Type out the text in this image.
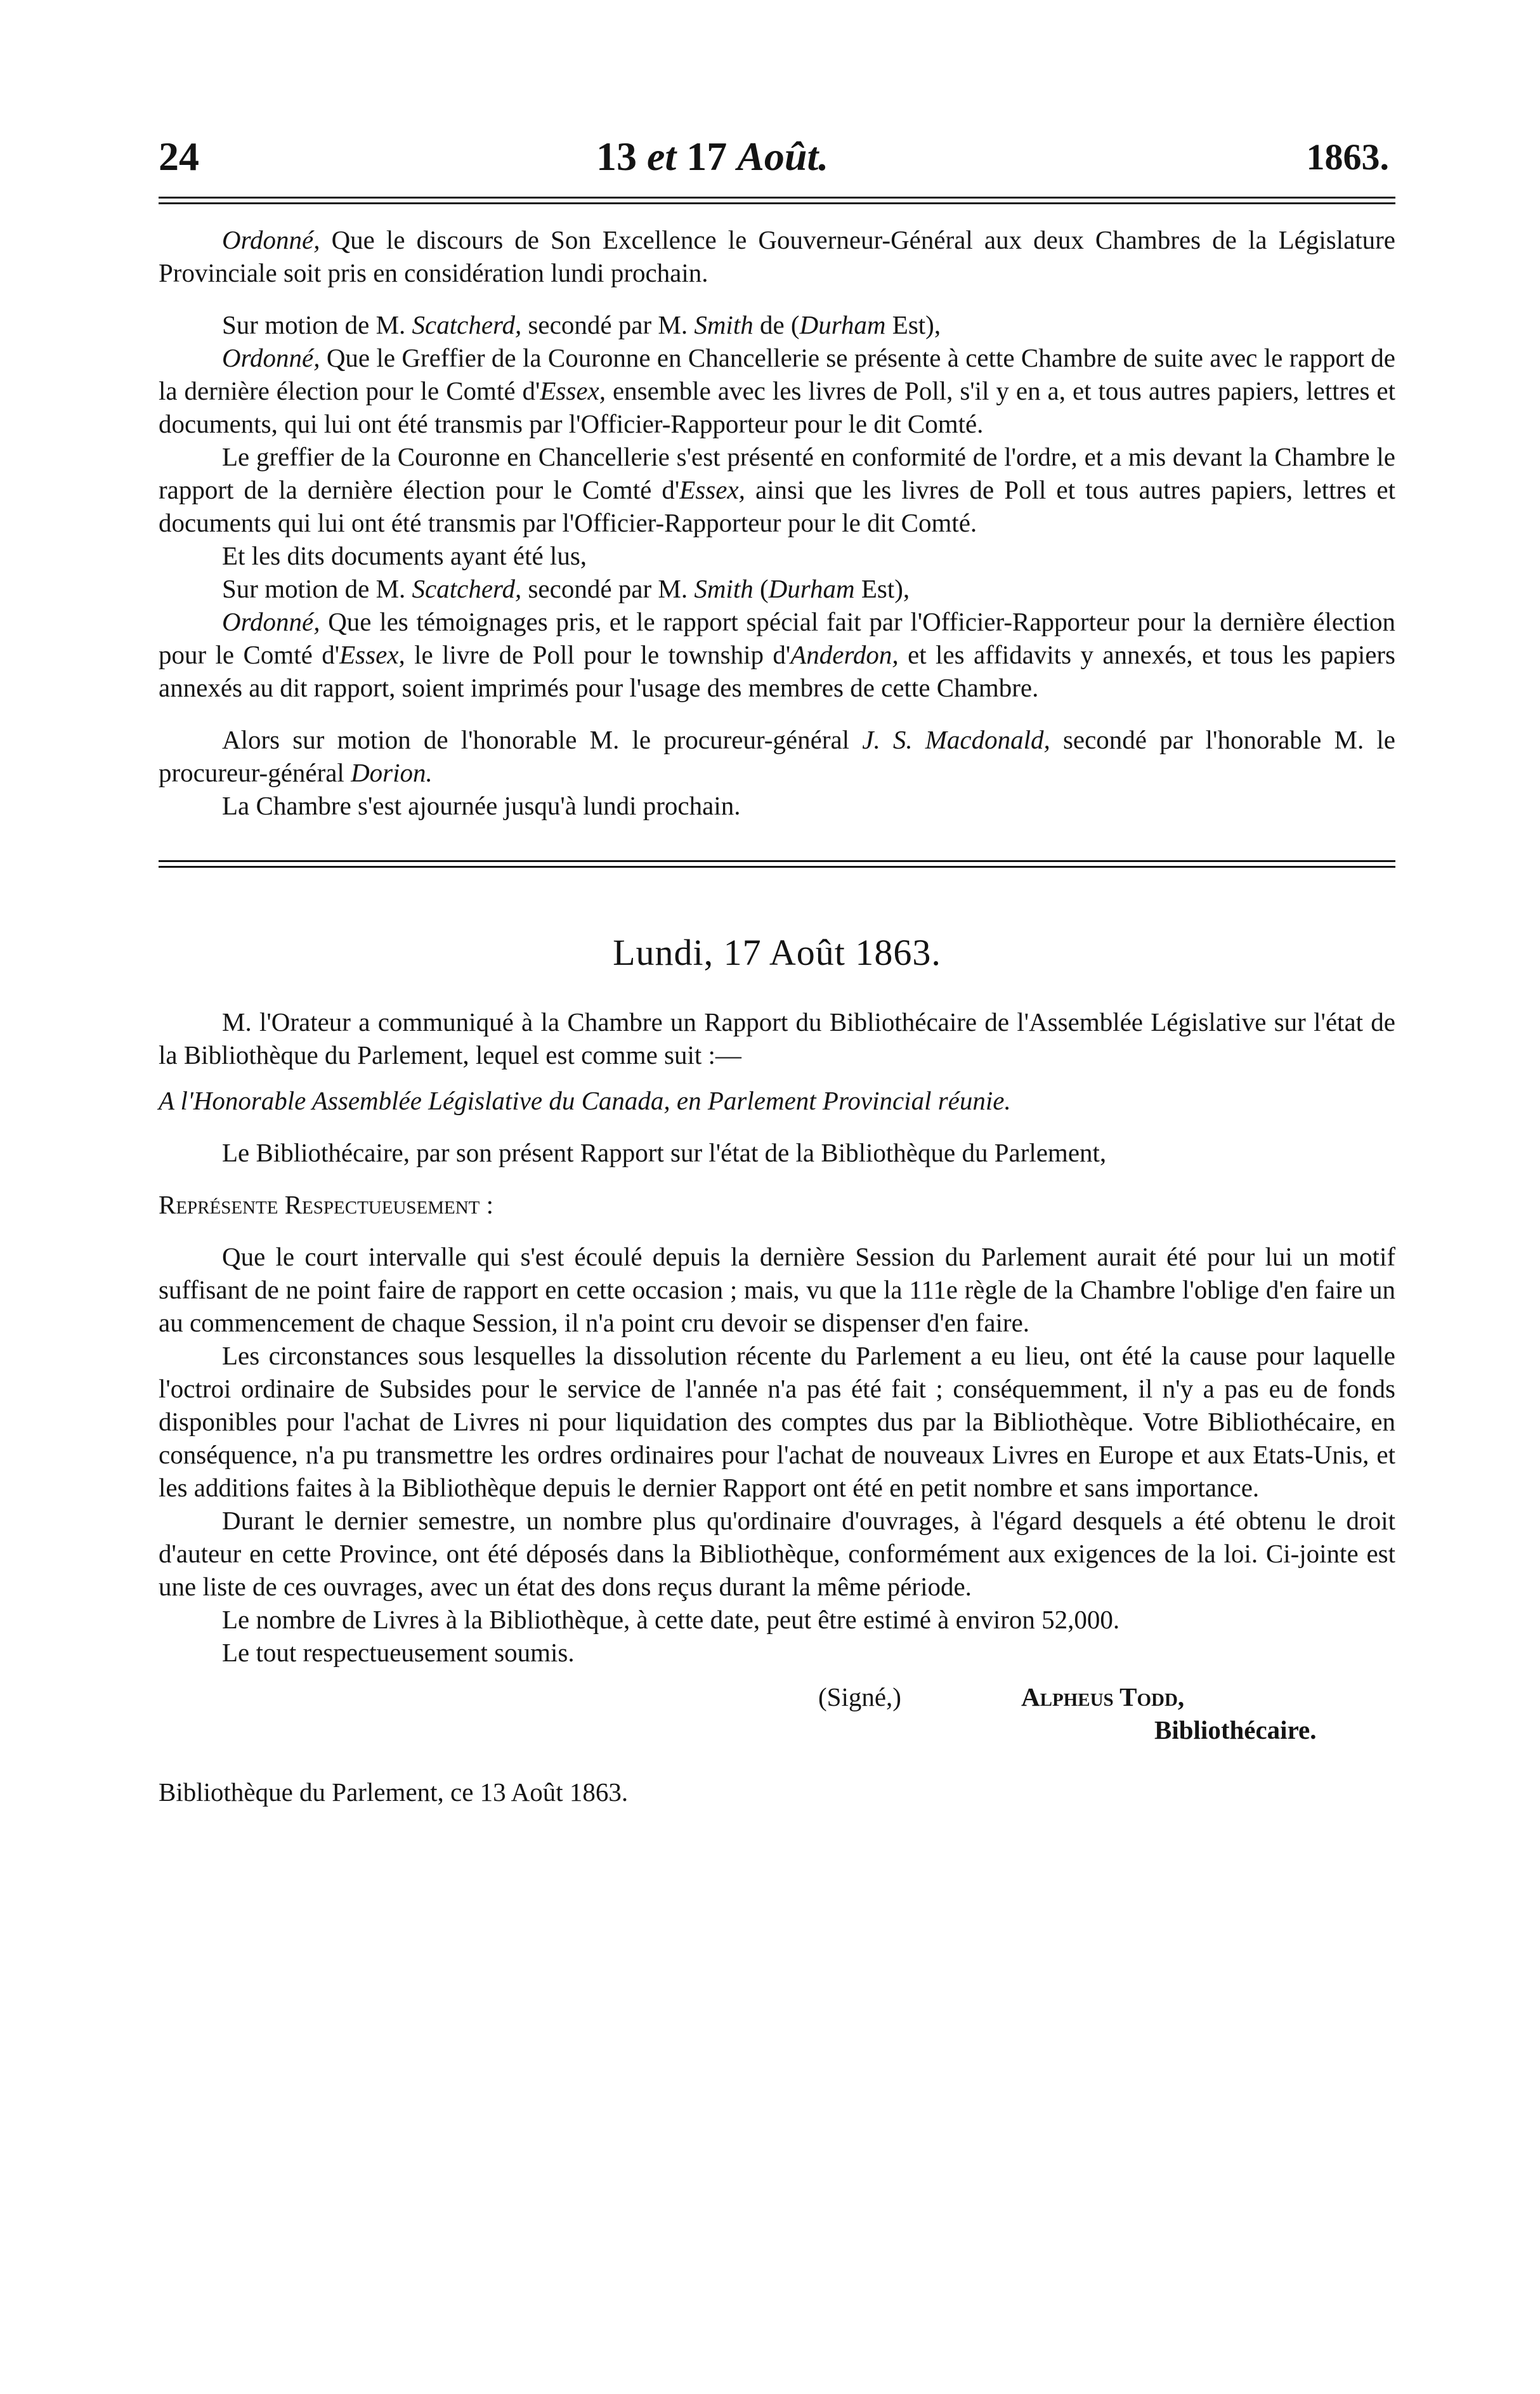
24	13 et 17 Août.	1863.

Ordonné, Que le discours de Son Excellence le Gouverneur-Général aux deux Chambres de la Législature Provinciale soit pris en considération lundi prochain.

Sur motion de M. Scatcherd, secondé par M. Smith de (Durham Est),

Ordonné, Que le Greffier de la Couronne en Chancellerie se présente à cette Chambre de suite avec le rapport de la dernière élection pour le Comté d'Essex, ensemble avec les livres de Poll, s'il y en a, et tous autres papiers, lettres et documents, qui lui ont été transmis par l'Officier-Rapporteur pour le dit Comté.

Le greffier de la Couronne en Chancellerie s'est présenté en conformité de l'ordre, et a mis devant la Chambre le rapport de la dernière élection pour le Comté d'Essex, ainsi que les livres de Poll et tous autres papiers, lettres et documents qui lui ont été transmis par l'Officier-Rapporteur pour le dit Comté.

Et les dits documents ayant été lus,

Sur motion de M. Scatcherd, secondé par M. Smith (Durham Est),

Ordonné, Que les témoignages pris, et le rapport spécial fait par l'Officier-Rapporteur pour la dernière élection pour le Comté d'Essex, le livre de Poll pour le township d'Anderdon, et les affidavits y annexés, et tous les papiers annexés au dit rapport, soient imprimés pour l'usage des membres de cette Chambre.

Alors sur motion de l'honorable M. le procureur-général J. S. Macdonald, secondé par l'honorable M. le procureur-général Dorion.

La Chambre s'est ajournée jusqu'à lundi prochain.

Lundi, 17 Août 1863.

M. l'Orateur a communiqué à la Chambre un Rapport du Bibliothécaire de l'Assemblée Législative sur l'état de la Bibliothèque du Parlement, lequel est comme suit :—

A l'Honorable Assemblée Législative du Canada, en Parlement Provincial réunie.

Le Bibliothécaire, par son présent Rapport sur l'état de la Bibliothèque du Parlement,

Représente Respectueusement :

Que le court intervalle qui s'est écoulé depuis la dernière Session du Parlement aurait été pour lui un motif suffisant de ne point faire de rapport en cette occasion ; mais, vu que la 111e règle de la Chambre l'oblige d'en faire un au commencement de chaque Session, il n'a point cru devoir se dispenser d'en faire.

Les circonstances sous lesquelles la dissolution récente du Parlement a eu lieu, ont été la cause pour laquelle l'octroi ordinaire de Subsides pour le service de l'année n'a pas été fait ; conséquemment, il n'y a pas eu de fonds disponibles pour l'achat de Livres ni pour liquidation des comptes dus par la Bibliothèque. Votre Bibliothécaire, en conséquence, n'a pu transmettre les ordres ordinaires pour l'achat de nouveaux Livres en Europe et aux Etats-Unis, et les additions faites à la Bibliothèque depuis le dernier Rapport ont été en petit nombre et sans importance.

Durant le dernier semestre, un nombre plus qu'ordinaire d'ouvrages, à l'égard desquels a été obtenu le droit d'auteur en cette Province, ont été déposés dans la Bibliothèque, conformément aux exigences de la loi. Ci-jointe est une liste de ces ouvrages, avec un état des dons reçus durant la même période.

Le nombre de Livres à la Bibliothèque, à cette date, peut être estimé à environ 52,000.

Le tout respectueusement soumis.

(Signé,)	Alpheus Todd,
Bibliothécaire.
Bibliothèque du Parlement, ce 13 Août 1863.
